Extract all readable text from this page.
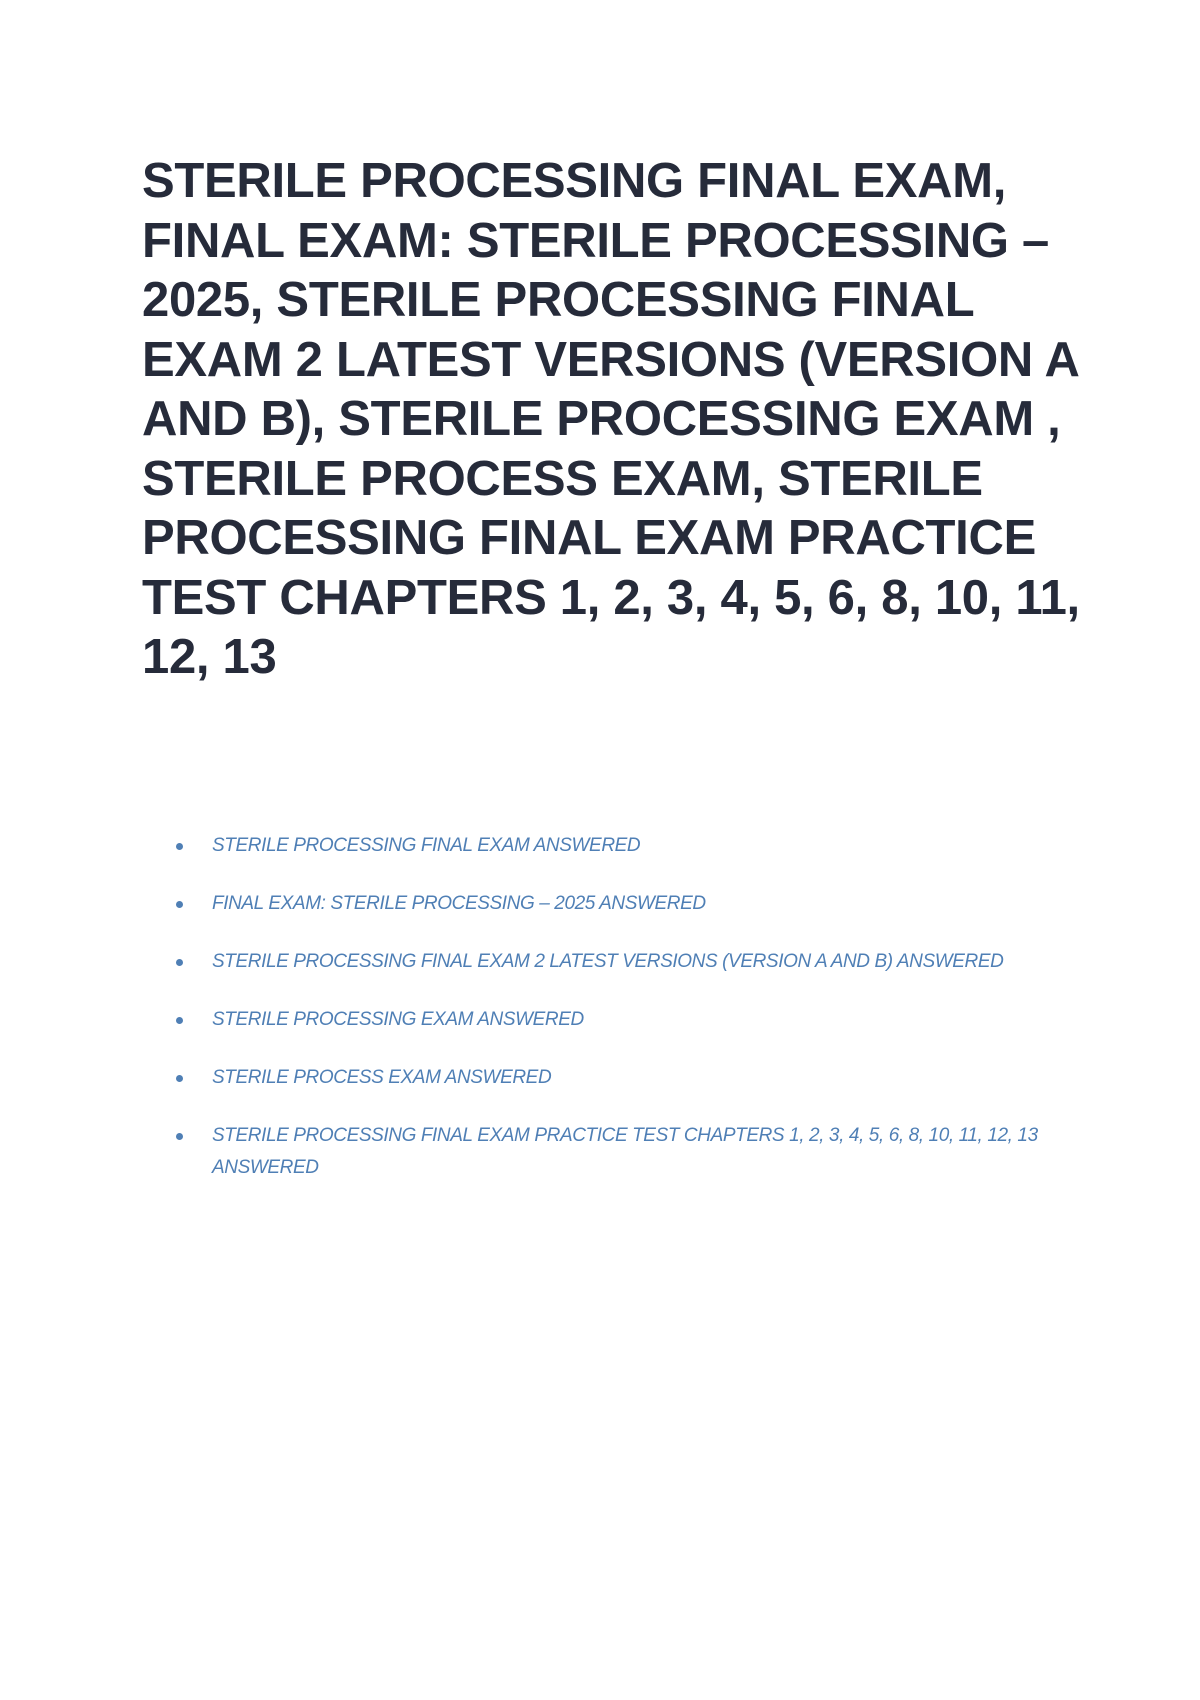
STERILE PROCESSING FINAL EXAM,
FINAL EXAM: STERILE PROCESSING –
2025, STERILE PROCESSING FINAL
EXAM 2 LATEST VERSIONS (VERSION A
AND B), STERILE PROCESSING EXAM ,
STERILE PROCESS EXAM, STERILE
PROCESSING FINAL EXAM PRACTICE
TEST CHAPTERS 1, 2, 3, 4, 5, 6, 8, 10, 11,
12, 13
STERILE PROCESSING FINAL EXAM ANSWERED
FINAL EXAM: STERILE PROCESSING – 2025 ANSWERED
STERILE PROCESSING FINAL EXAM 2 LATEST VERSIONS (VERSION A AND B) ANSWERED
STERILE PROCESSING EXAM ANSWERED
STERILE PROCESS EXAM ANSWERED
STERILE PROCESSING FINAL EXAM PRACTICE TEST CHAPTERS 1, 2, 3, 4, 5, 6, 8, 10, 11, 12, 13 ANSWERED
